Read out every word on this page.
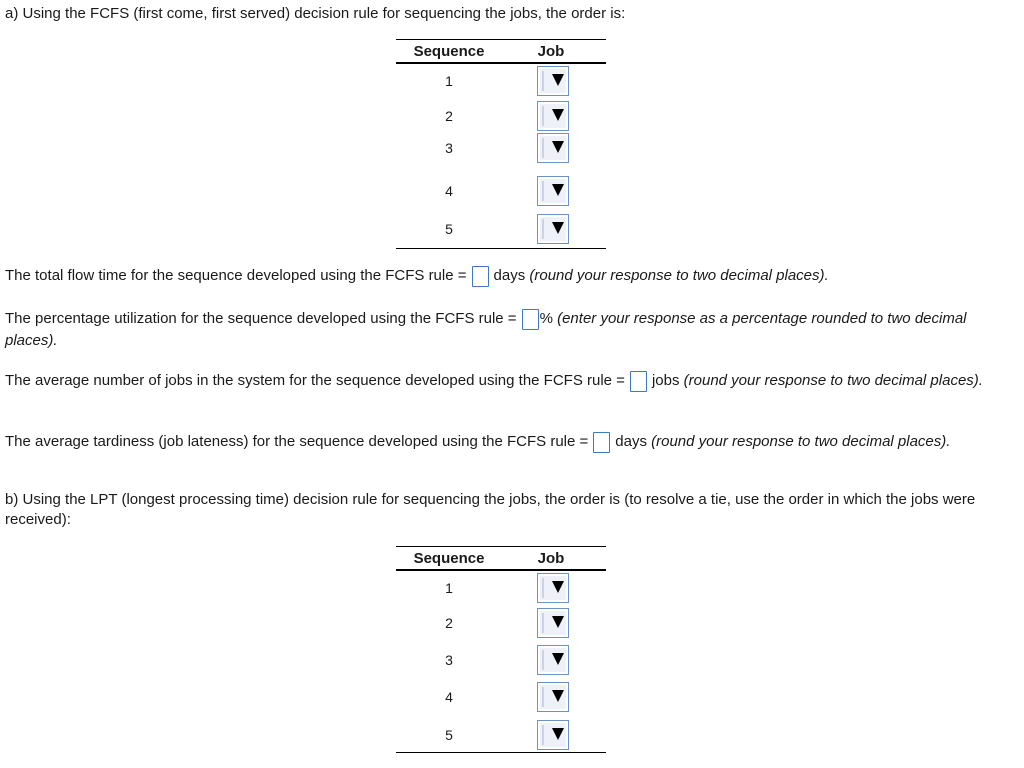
a) Using the FCFS (first come, first served) decision rule for sequencing the jobs, the order is:
Sequence	Job
1
2
3
4
5
The total flow time for the sequence developed using the FCFS rule = days (round your response to two decimal places).
The percentage utilization for the sequence developed using the FCFS rule = % (enter your response as a percentage rounded to two decimal places).
The average number of jobs in the system for the sequence developed using the FCFS rule = jobs (round your response to two decimal places).
The average tardiness (job lateness) for the sequence developed using the FCFS rule = days (round your response to two decimal places).
b) Using the LPT (longest processing time) decision rule for sequencing the jobs, the order is (to resolve a tie, use the order in which the jobs were received):
Sequence	Job
1
2
3
4
5
